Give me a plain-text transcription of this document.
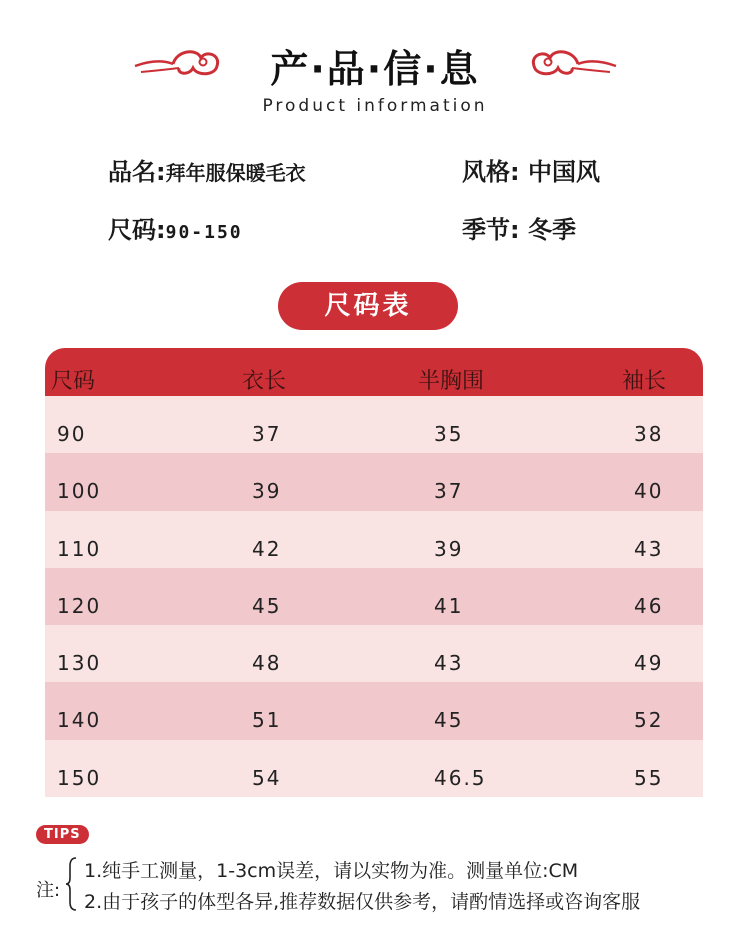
产·品·信·息
Product information
品名:拜年服保暖毛衣	风格: 中国风
尺码:90-150	季节: 冬季
尺码表
尺码	衣长	半胸围	袖长
90	37	35	38
100	39	37	40
110	42	39	43
120	45	41	46
130	48	43	49
140	51	45	52
150	54	46.5	55
TIPS
注:
1.纯手工测量，1-3cm误差，请以实物为准。测量单位:CM
2.由于孩子的体型各异,推荐数据仅供参考，请酌情选择或咨询客服
